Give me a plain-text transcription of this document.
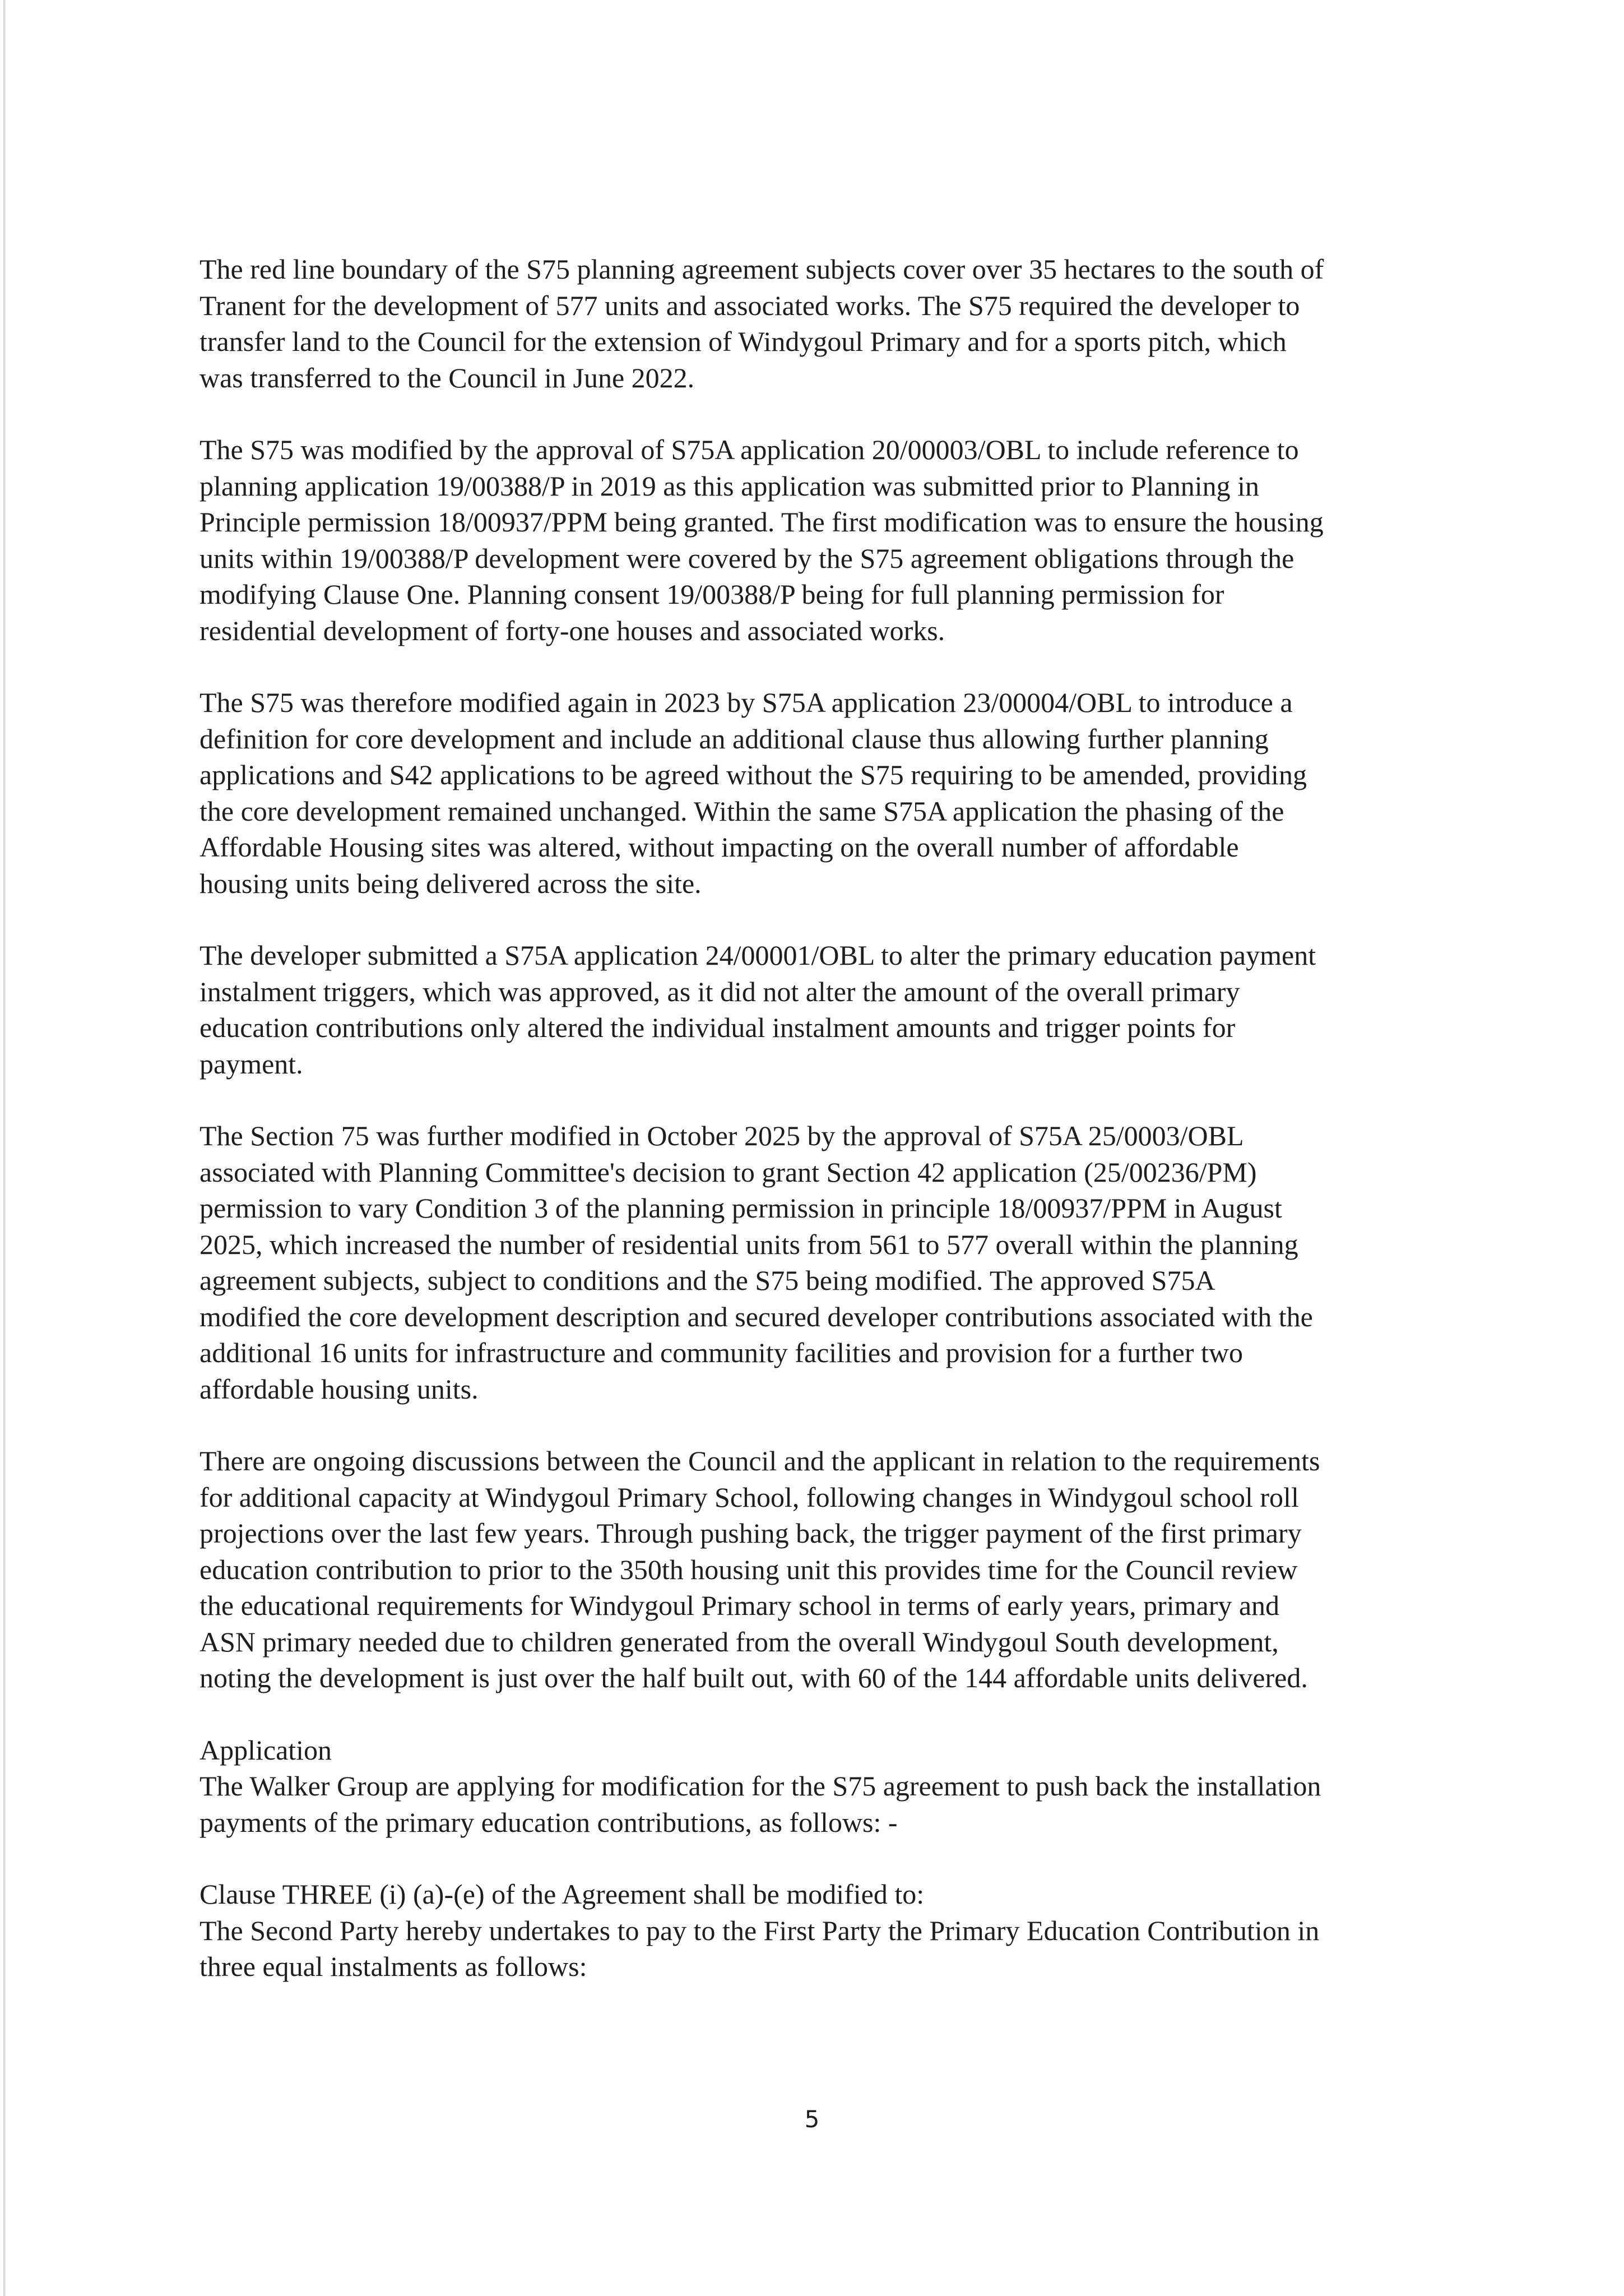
The red line boundary of the S75 planning agreement subjects cover over 35 hectares to the south of
Tranent for the development of 577 units and associated works. The S75 required the developer to
transfer land to the Council for the extension of Windygoul Primary and for a sports pitch, which
was transferred to the Council in June 2022.

The S75 was modified by the approval of S75A application 20/00003/OBL to include reference to
planning application 19/00388/P in 2019 as this application was submitted prior to Planning in
Principle permission 18/00937/PPM being granted. The first modification was to ensure the housing
units within 19/00388/P development were covered by the S75 agreement obligations through the
modifying Clause One. Planning consent 19/00388/P being for full planning permission for
residential development of forty-one houses and associated works.

The S75 was therefore modified again in 2023 by S75A application 23/00004/OBL to introduce a
definition for core development and include an additional clause thus allowing further planning
applications and S42 applications to be agreed without the S75 requiring to be amended, providing
the core development remained unchanged. Within the same S75A application the phasing of the
Affordable Housing sites was altered, without impacting on the overall number of affordable
housing units being delivered across the site.

The developer submitted a S75A application 24/00001/OBL to alter the primary education payment
instalment triggers, which was approved, as it did not alter the amount of the overall primary
education contributions only altered the individual instalment amounts and trigger points for
payment.

The Section 75 was further modified in October 2025 by the approval of S75A 25/0003/OBL
associated with Planning Committee's decision to grant Section 42 application (25/00236/PM)
permission to vary Condition 3 of the planning permission in principle 18/00937/PPM in August
2025, which increased the number of residential units from 561 to 577 overall within the planning
agreement subjects, subject to conditions and the S75 being modified. The approved S75A
modified the core development description and secured developer contributions associated with the
additional 16 units for infrastructure and community facilities and provision for a further two
affordable housing units.

There are ongoing discussions between the Council and the applicant in relation to the requirements
for additional capacity at Windygoul Primary School, following changes in Windygoul school roll
projections over the last few years. Through pushing back, the trigger payment of the first primary
education contribution to prior to the 350th housing unit this provides time for the Council review
the educational requirements for Windygoul Primary school in terms of early years, primary and
ASN primary needed due to children generated from the overall Windygoul South development,
noting the development is just over the half built out, with 60 of the 144 affordable units delivered.

Application

The Walker Group are applying for modification for the S75 agreement to push back the installation
payments of the primary education contributions, as follows: -

Clause THREE (i) (a)-(e) of the Agreement shall be modified to:

The Second Party hereby undertakes to pay to the First Party the Primary Education Contribution in
three equal instalments as follows:

5
